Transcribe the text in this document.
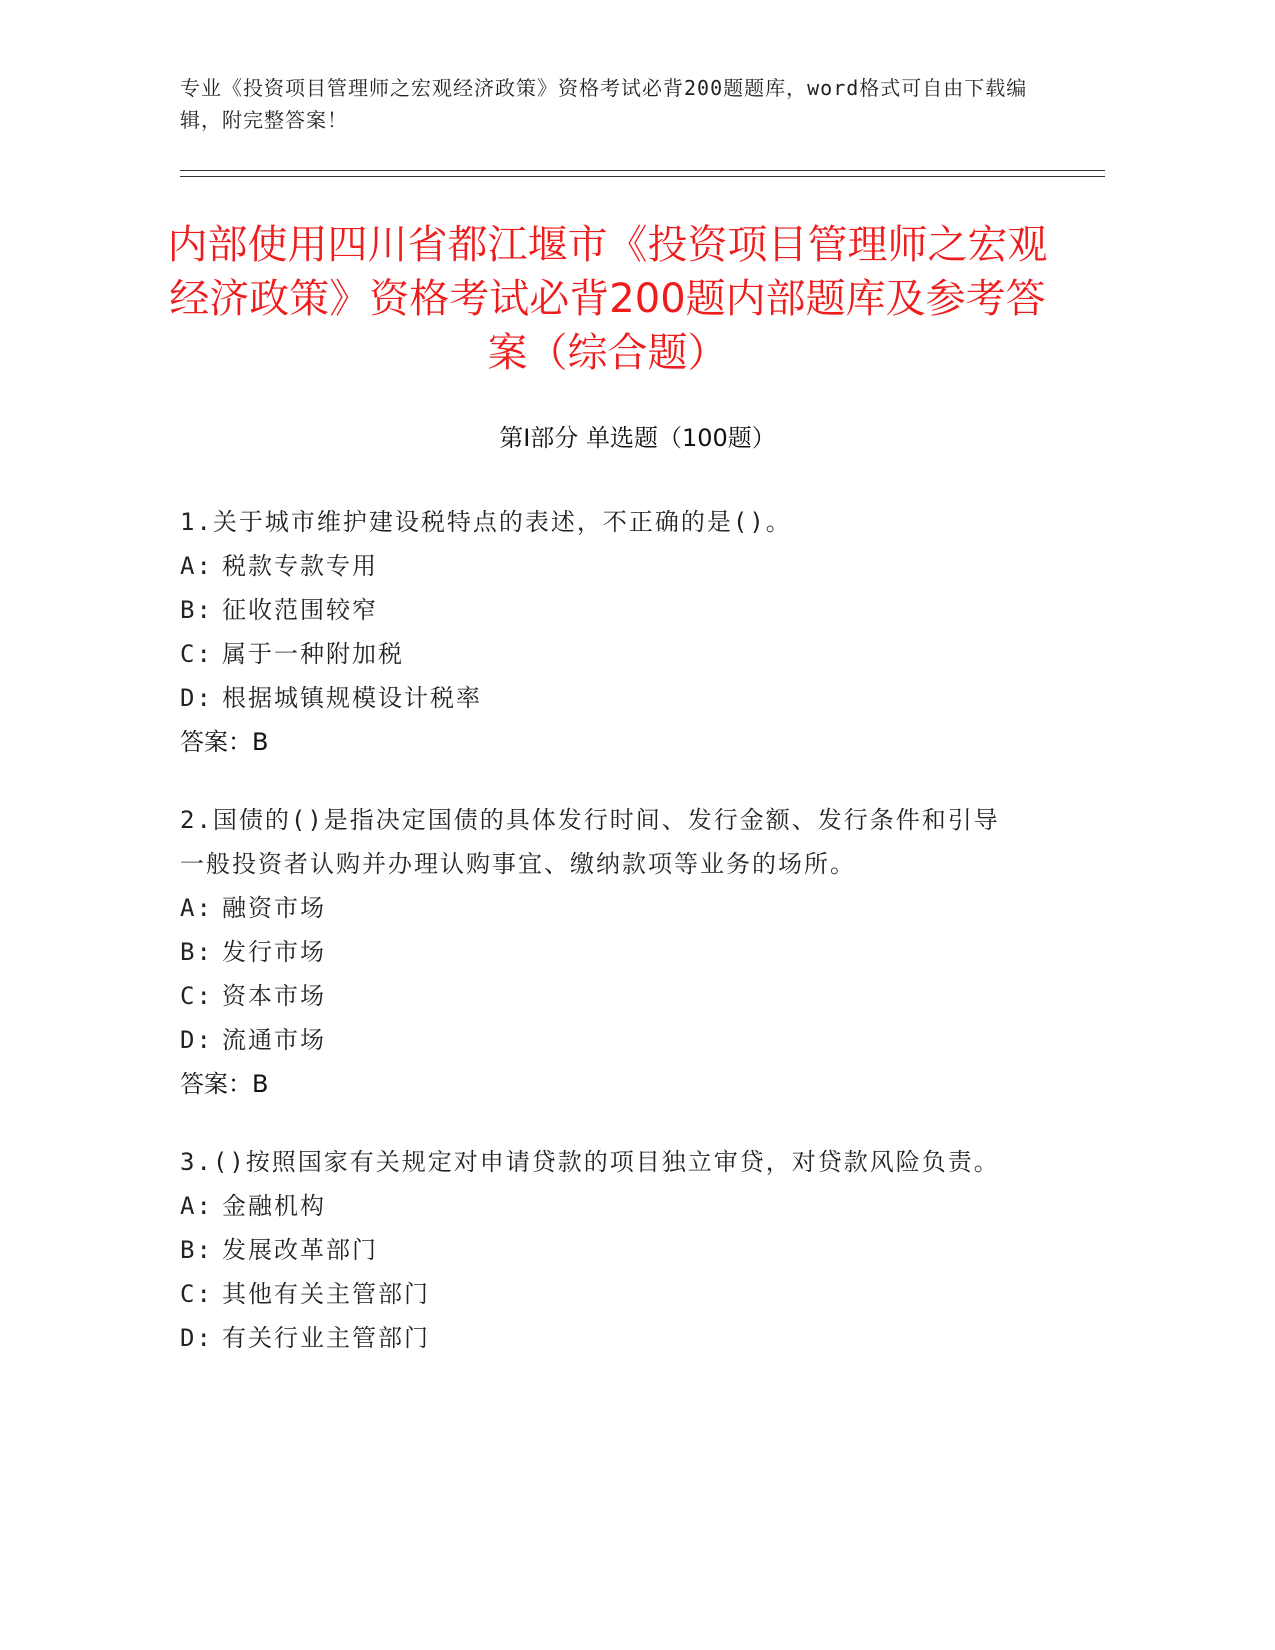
专业《投资项目管理师之宏观经济政策》资格考试必背200题题库，word格式可自由下载编辑，附完整答案！
内部使用四川省都江堰市《投资项目管理师之宏观经济政策》资格考试必背200题内部题库及参考答案（综合题）
第I部分 单选题（100题）
1.关于城市维护建设税特点的表述，不正确的是()。
A: 税款专款专用
B: 征收范围较窄
C: 属于一种附加税
D: 根据城镇规模设计税率
答案：B
2.国债的()是指决定国债的具体发行时间、发行金额、发行条件和引导一般投资者认购并办理认购事宜、缴纳款项等业务的场所。
A: 融资市场
B: 发行市场
C: 资本市场
D: 流通市场
答案：B
3.()按照国家有关规定对申请贷款的项目独立审贷，对贷款风险负责。
A: 金融机构
B: 发展改革部门
C: 其他有关主管部门
D: 有关行业主管部门
